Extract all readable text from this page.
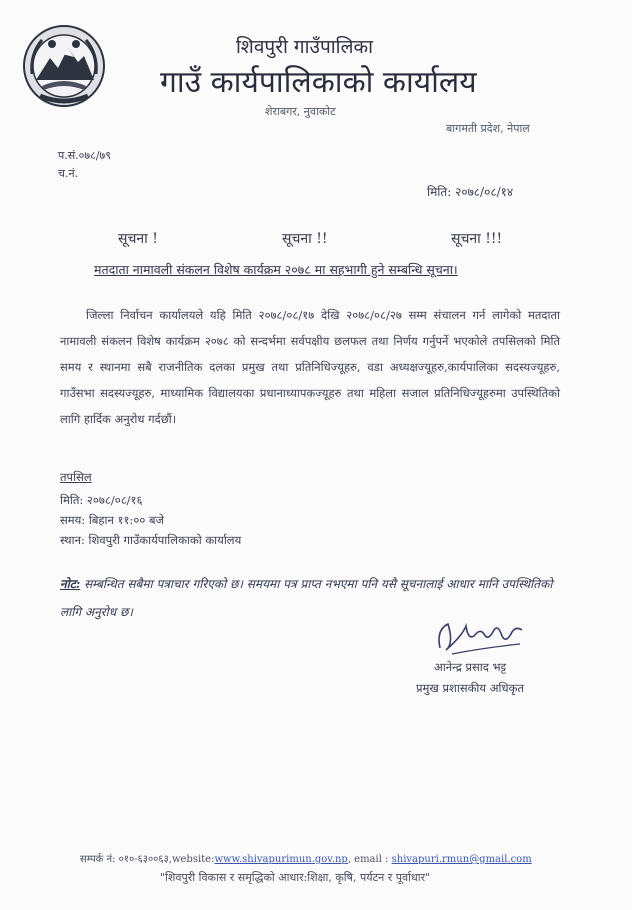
शिवपुरी गाउँपालिका
गाउँ कार्यपालिकाको कार्यालय
शेराबगर, नुवाकोट
बागमती प्रदेश, नेपाल
प.सं.०७८/७९
च.नं.
मिति: २०७८/०८/१४
सूचना !	सूचना !!	सूचना !!!
मतदाता नामावली संकलन विशेष कार्यक्रम २०७८ मा सहभागी हुने सम्बन्धि सूचना।
जिल्ला निर्वाचन कार्यालयले यहि मिति २०७८/०८/१७ देखि २०७८/०८/२७ सम्म संचालन गर्न लागेको मतदाता नामावली संकलन विशेष कार्यक्रम २०७८ को सन्दर्भमा सर्वपक्षीय छलफल तथा निर्णय गर्नुपर्ने भएकोले तपसिलको मिति समय र स्थानमा सबै राजनीतिक दलका प्रमुख तथा प्रतिनिधिज्यूहरु, वडा अध्यक्षज्यूहरु,कार्यपालिका सदस्यज्यूहरु, गाउँसभा सदस्यज्यूहरु, माध्यामिक विद्यालयका प्रधानाध्यापकज्यूहरु तथा महिला सजाल प्रतिनिधिज्यूहरुमा उपस्थितिको लागि हार्दिक अनुरोध गर्दछौं।
तपसिल
मिति: २०७८/०८/१६
समय: बिहान ११:०० बजे
स्थान: शिवपुरी गाउँकार्यपालिकाको कार्यालय
नोट: सम्बन्धित सबैमा पत्राचार गरिएको छ। समयमा पत्र प्राप्त नभएमा पनि यसै सूचनालाई आधार मानि उपस्थितिको लागि अनुरोध छ।
आनेन्द्र प्रसाद भट्ट
प्रमुख प्रशासकीय अधिकृत
सम्पर्क नं: ०१०-६३००६३,website:www.shivapurimun.gov.np, email : shivapuri.rmun@gmail.com
"शिवपुरी विकास र समृद्धिको आधार:शिक्षा, कृषि, पर्यटन र पूर्वाधार"
